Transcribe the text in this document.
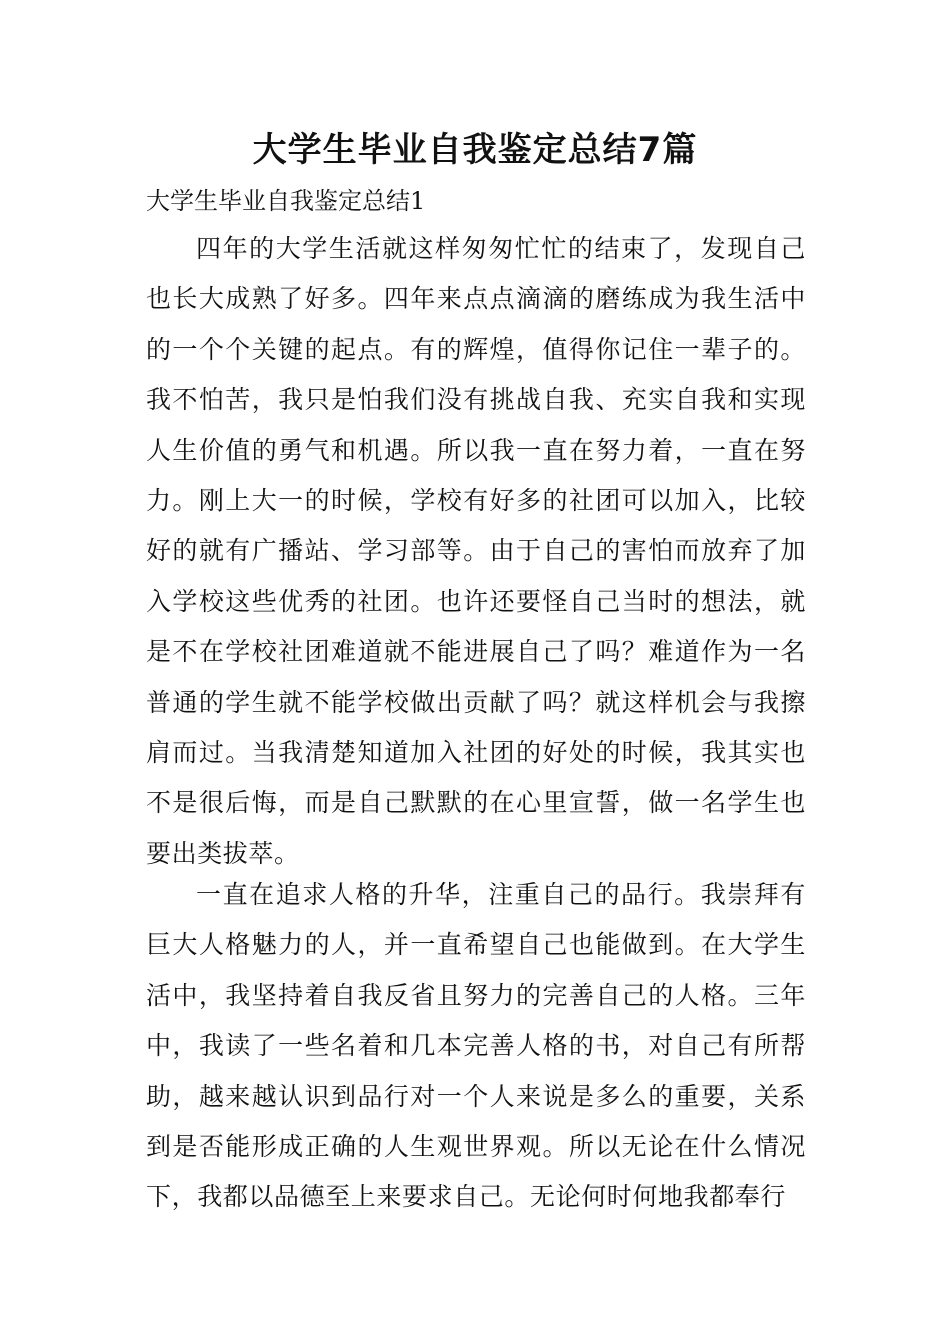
大学生毕业自我鉴定总结7篇
大学生毕业自我鉴定总结1

四年的大学生活就这样匆匆忙忙的结束了，发现自己也长大成熟了好多。四年来点点滴滴的磨练成为我生活中的一个个关键的起点。有的辉煌，值得你记住一辈子的。我不怕苦，我只是怕我们没有挑战自我、充实自我和实现人生价值的勇气和机遇。所以我一直在努力着，一直在努力。刚上大一的时候，学校有好多的社团可以加入，比较好的就有广播站、学习部等。由于自己的害怕而放弃了加入学校这些优秀的社团。也许还要怪自己当时的想法，就是不在学校社团难道就不能进展自己了吗？难道作为一名普通的学生就不能学校做出贡献了吗？就这样机会与我擦肩而过。当我清楚知道加入社团的好处的时候，我其实也不是很后悔，而是自己默默的在心里宣誓，做一名学生也要出类拔萃。

一直在追求人格的升华，注重自己的品行。我崇拜有巨大人格魅力的人，并一直希望自己也能做到。在大学生活中，我坚持着自我反省且努力的完善自己的人格。三年中，我读了一些名着和几本完善人格的书，对自己有所帮助，越来越认识到品行对一个人来说是多么的重要，关系到是否能形成正确的人生观世界观。所以无论在什么情况下，我都以品德至上来要求自己。无论何时何地我都奉行
